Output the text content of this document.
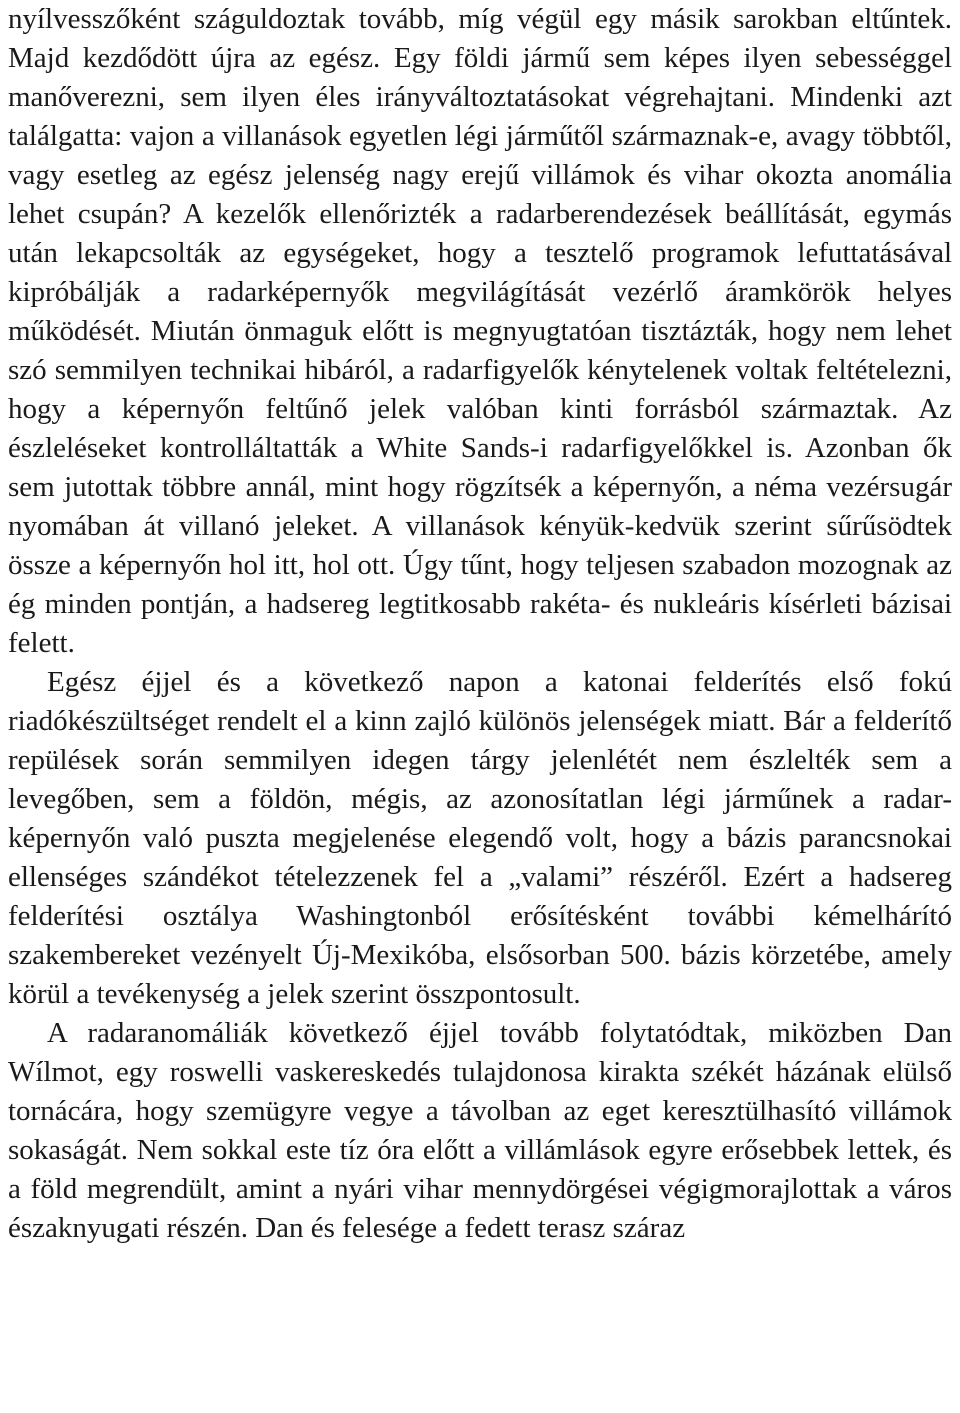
nyílvesszőként száguldoztak tovább, míg végül egy másik sarokban eltűntek. Majd kezdődött újra az egész. Egy földi jármű sem képes ilyen sebességgel manőverezni, sem ilyen éles irányváltoztatásokat végrehajtani. Mindenki azt találgatta: vajon a villanások egyetlen légi járműtől származnak-e, avagy többtől, vagy esetleg az egész jelenség nagy erejű villámok és vihar okozta anomália lehet csupán? A kezelők ellenőrizték a radarberendezések beállítását, egymás után lekapcsolták az egységeket, hogy a tesztelő programok lefuttatásával kipróbálják a radarképernyők megvilágítását vezérlő áramkörök helyes működését. Miután önmaguk előtt is megnyugtatóan tisztázták, hogy nem lehet szó semmilyen technikai hibáról, a radarfigyelők kénytelenek voltak feltételezni, hogy a képernyőn feltűnő jelek valóban kinti forrásból származtak. Az észleléseket kontrolláltatták a White Sands-i radarfigyelőkkel is. Azonban ők sem jutottak többre annál, mint hogy rögzítsék a képernyőn, a néma vezérsugár nyomában át villanó jeleket. A villanások kényük-kedvük szerint sűrűsödtek össze a képernyőn hol itt, hol ott. Úgy tűnt, hogy teljesen szabadon mozognak az ég minden pontján, a hadsereg legtitkosabb rakéta- és nukleáris kísérleti bázisai felett.

Egész éjjel és a következő napon a katonai felderítés első fokú riadókészültséget rendelt el a kinn zajló különös jelenségek miatt. Bár a felderítő repülések során semmilyen idegen tárgy jelenlétét nem észlelték sem a levegőben, sem a földön, mégis, az azonosítatlan légi járműnek a radar-képernyőn való puszta megjelenése elegendő volt, hogy a bázis parancsnokai ellenséges szándékot tételezzenek fel a „valami” részéről. Ezért a hadsereg felderítési osztálya Washingtonból erősítésként további kémelhárító szakembereket vezényelt Új-Mexikóba, elsősorban 500. bázis körzetébe, amely körül a tevékenység a jelek szerint összpontosult.

A radaranomáliák következő éjjel tovább folytatódtak, miközben Dan Wílmot, egy roswelli vaskereskedés tulajdonosa kirakta székét házának elülső tornácára, hogy szemügyre vegye a távolban az eget keresztülhasító villámok sokaságát. Nem sokkal este tíz óra előtt a villámlások egyre erősebbek lettek, és a föld megrendült, amint a nyári vihar mennydörgései végigmorajlottak a város északnyugati részén. Dan és felesége a fedett terasz száraz
